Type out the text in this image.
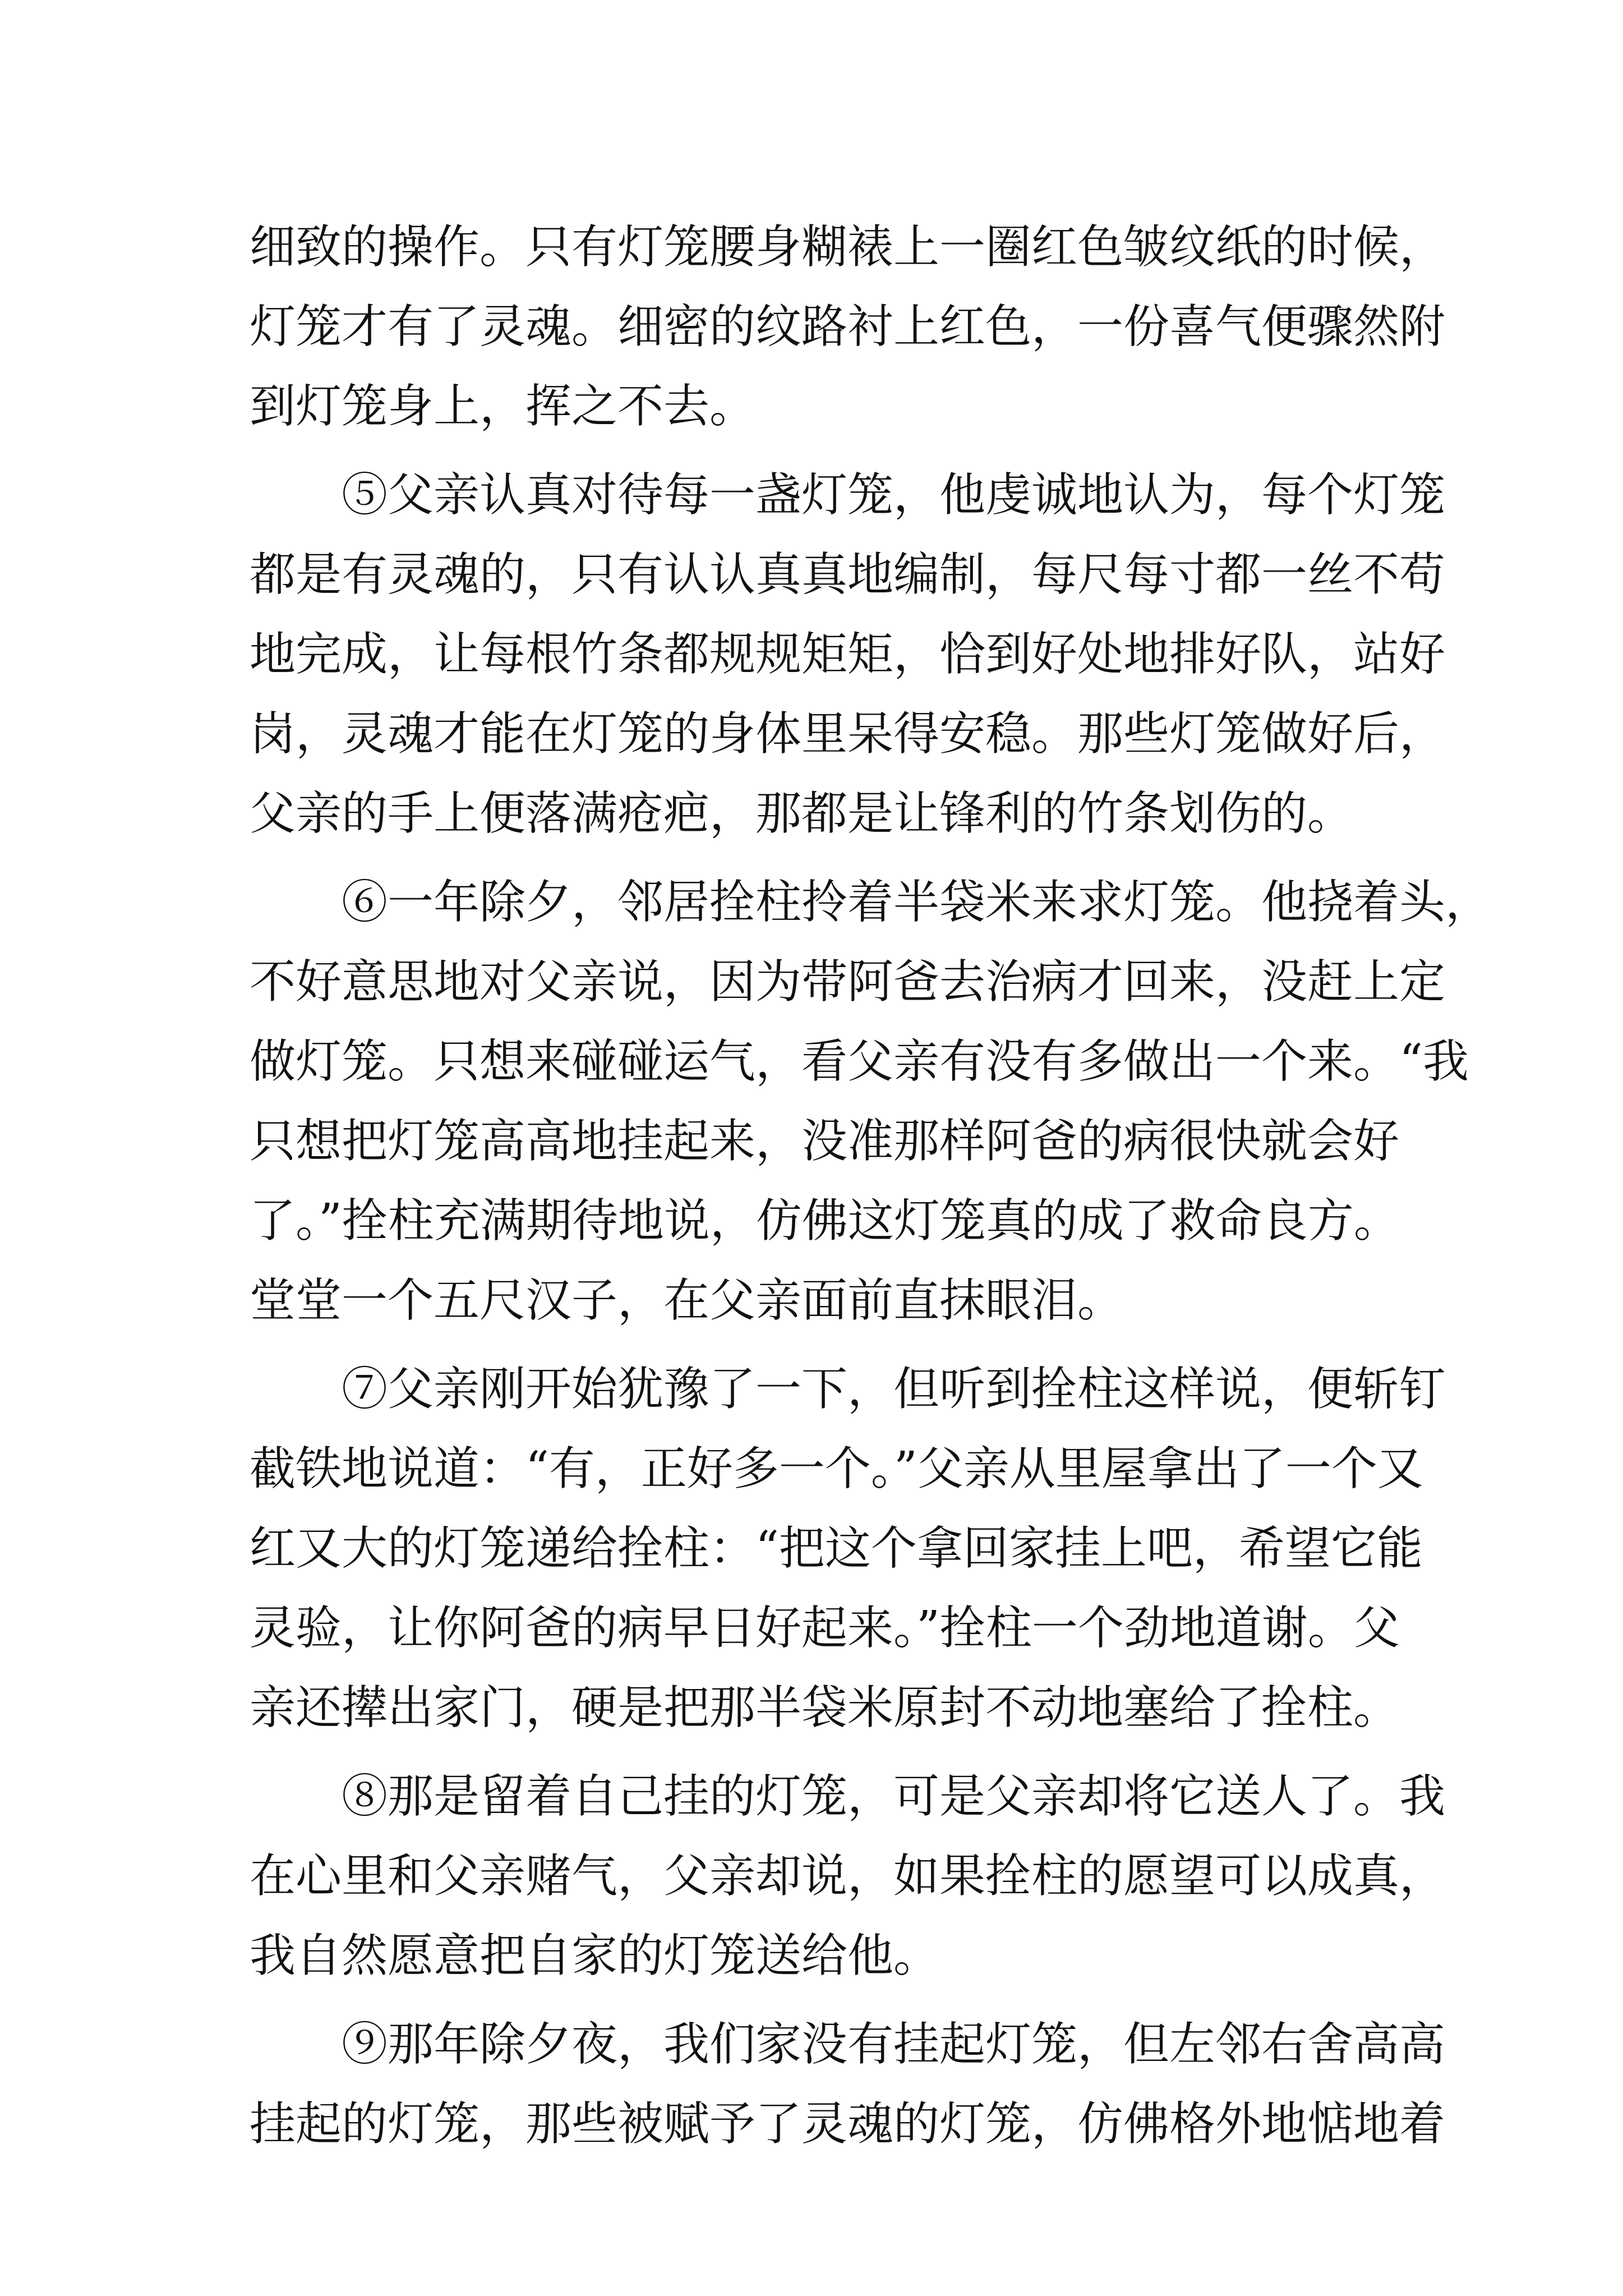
细致的操作。只有灯笼腰身糊裱上一圈红色皱纹纸的时候，
灯笼才有了灵魂。细密的纹路衬上红色，一份喜气便骤然附
到灯笼身上，挥之不去。
　　⑤父亲认真对待每一盏灯笼，他虔诚地认为，每个灯笼
都是有灵魂的，只有认认真真地编制，每尺每寸都一丝不苟
地完成，让每根竹条都规规矩矩，恰到好处地排好队，站好
岗，灵魂才能在灯笼的身体里呆得安稳。那些灯笼做好后，
父亲的手上便落满疮疤，那都是让锋利的竹条划伤的。
　　⑥一年除夕，邻居拴柱拎着半袋米来求灯笼。他挠着头，
不好意思地对父亲说，因为带阿爸去治病才回来，没赶上定
做灯笼。只想来碰碰运气，看父亲有没有多做出一个来。“我
只想把灯笼高高地挂起来，没准那样阿爸的病很快就会好
了。”拴柱充满期待地说，仿佛这灯笼真的成了救命良方。
堂堂一个五尺汉子，在父亲面前直抹眼泪。
　　⑦父亲刚开始犹豫了一下，但听到拴柱这样说，便斩钉
截铁地说道：“有，正好多一个。”父亲从里屋拿出了一个又
红又大的灯笼递给拴柱：“把这个拿回家挂上吧，希望它能
灵验，让你阿爸的病早日好起来。”拴柱一个劲地道谢。父
亲还撵出家门，硬是把那半袋米原封不动地塞给了拴柱。
　　⑧那是留着自己挂的灯笼，可是父亲却将它送人了。我
在心里和父亲赌气，父亲却说，如果拴柱的愿望可以成真，
我自然愿意把自家的灯笼送给他。
　　⑨那年除夕夜，我们家没有挂起灯笼，但左邻右舍高高
挂起的灯笼，那些被赋予了灵魂的灯笼，仿佛格外地惦地着
